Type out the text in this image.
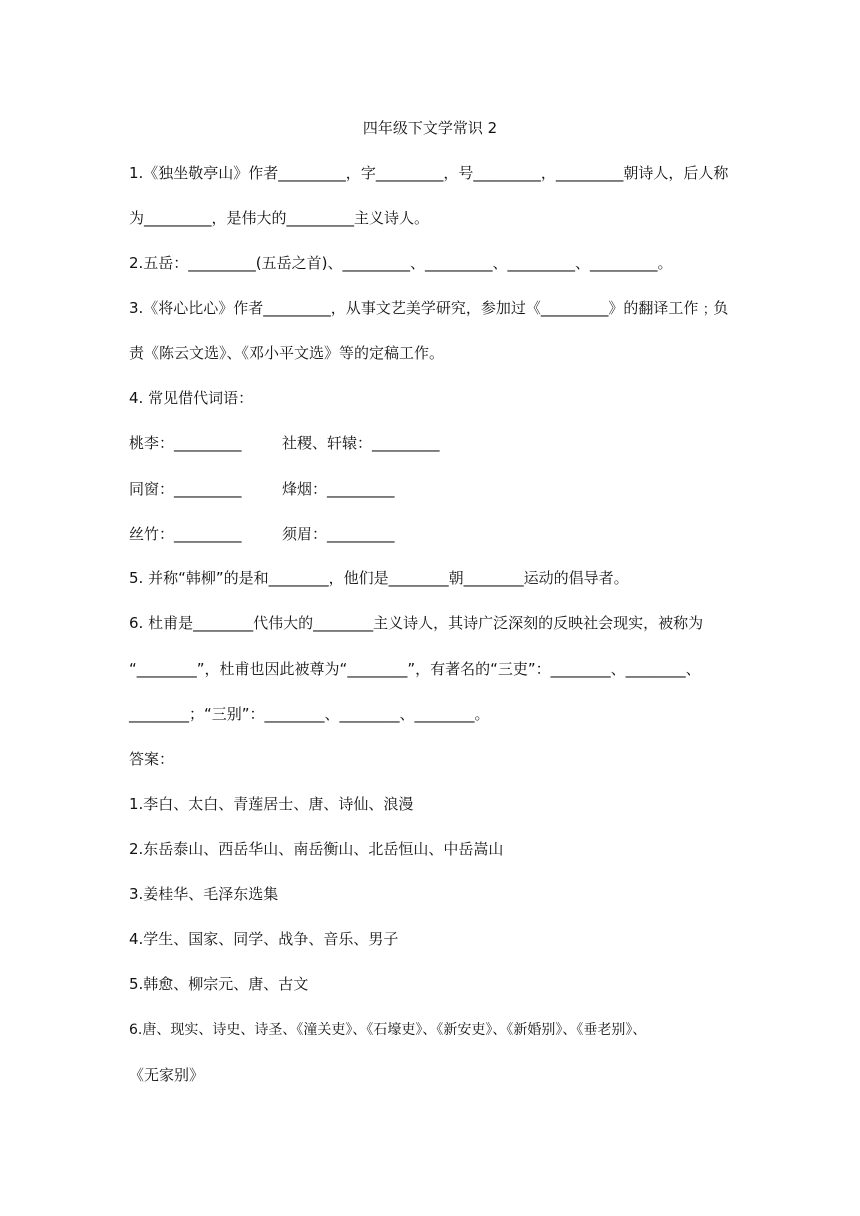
四年级下文学常识 2
1.《独坐敬亭山》作者_________，字_________，号_________，_________朝诗人，后人称
为_________，是伟大的_________主义诗人。
2.五岳：_________(五岳之首)、_________、_________、_________、_________。
3.《将心比心》作者_________，从事文艺美学研究，参加过《_________》的翻译工作﹔负
责《陈云文选》、《邓小平文选》等的定稿工作。
4. 常见借代词语：
桃李：_________	社稷、轩辕：_________
同窗：_________	烽烟：_________
丝竹：_________	须眉：_________
5. 并称“韩柳”的是和________，他们是________朝________运动的倡导者。
6. 杜甫是________代伟大的________主义诗人，其诗广泛深刻的反映社会现实，被称为
“________”，杜甫也因此被尊为“________”，有著名的“三吏”：________、________、
________；“三别”：________、________、________。
答案：
1.李白、太白、青莲居士、唐、诗仙、浪漫
2.东岳泰山、西岳华山、南岳衡山、北岳恒山、中岳嵩山
3.姜桂华、毛泽东选集
4.学生、国家、同学、战争、音乐、男子
5.韩愈、柳宗元、唐、古文
6.唐、现实、诗史、诗圣、《潼关吏》、《石壕吏》、《新安吏》、《新婚别》、《垂老别》、
《无家别》
